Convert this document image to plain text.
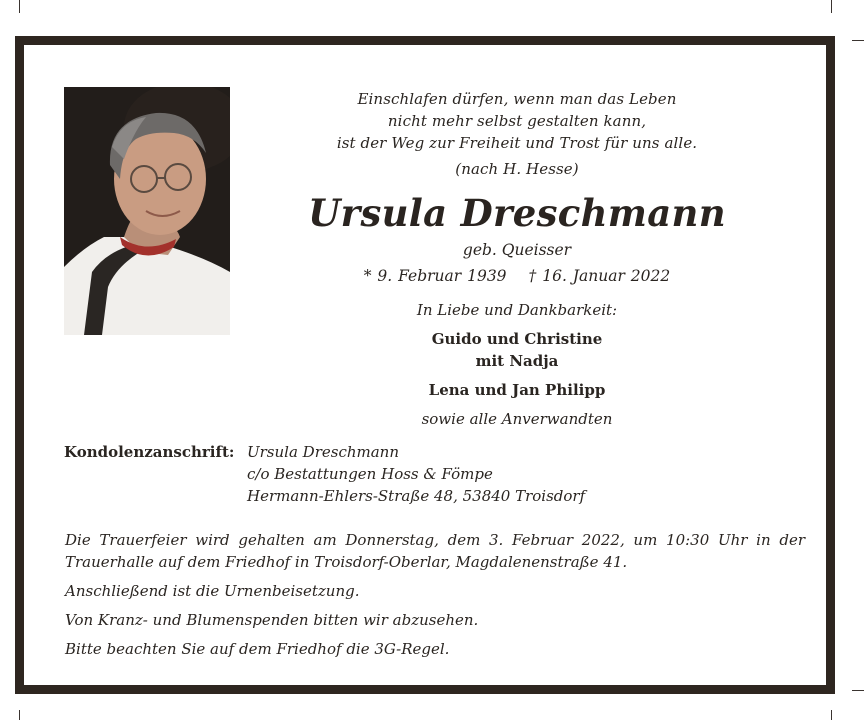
Einschlafen dürfen, wenn man das Leben
nicht mehr selbst gestalten kann,
ist der Weg zur Freiheit und Trost für uns alle.
(nach H. Hesse)
Ursula Dreschmann
geb. Queisser
* 9. Februar 1939 † 16. Januar 2022
In Liebe und Dankbarkeit:
Guido und Christine
mit Nadja
Lena und Jan Philipp
sowie alle Anverwandten
Kondolenzanschrift: Ursula Dreschmann
c/o Bestattungen Hoss & Fömpe
Hermann-Ehlers-Straße 48, 53840 Troisdorf
Die Trauerfeier wird gehalten am Donnerstag, dem 3. Februar 2022, um 10:30 Uhr in der Trauerhalle auf dem Friedhof in Troisdorf-Oberlar, Magdalenenstraße 41.
Anschließend ist die Urnenbeisetzung.
Von Kranz- und Blumenspenden bitten wir abzusehen.
Bitte beachten Sie auf dem Friedhof die 3G-Regel.
